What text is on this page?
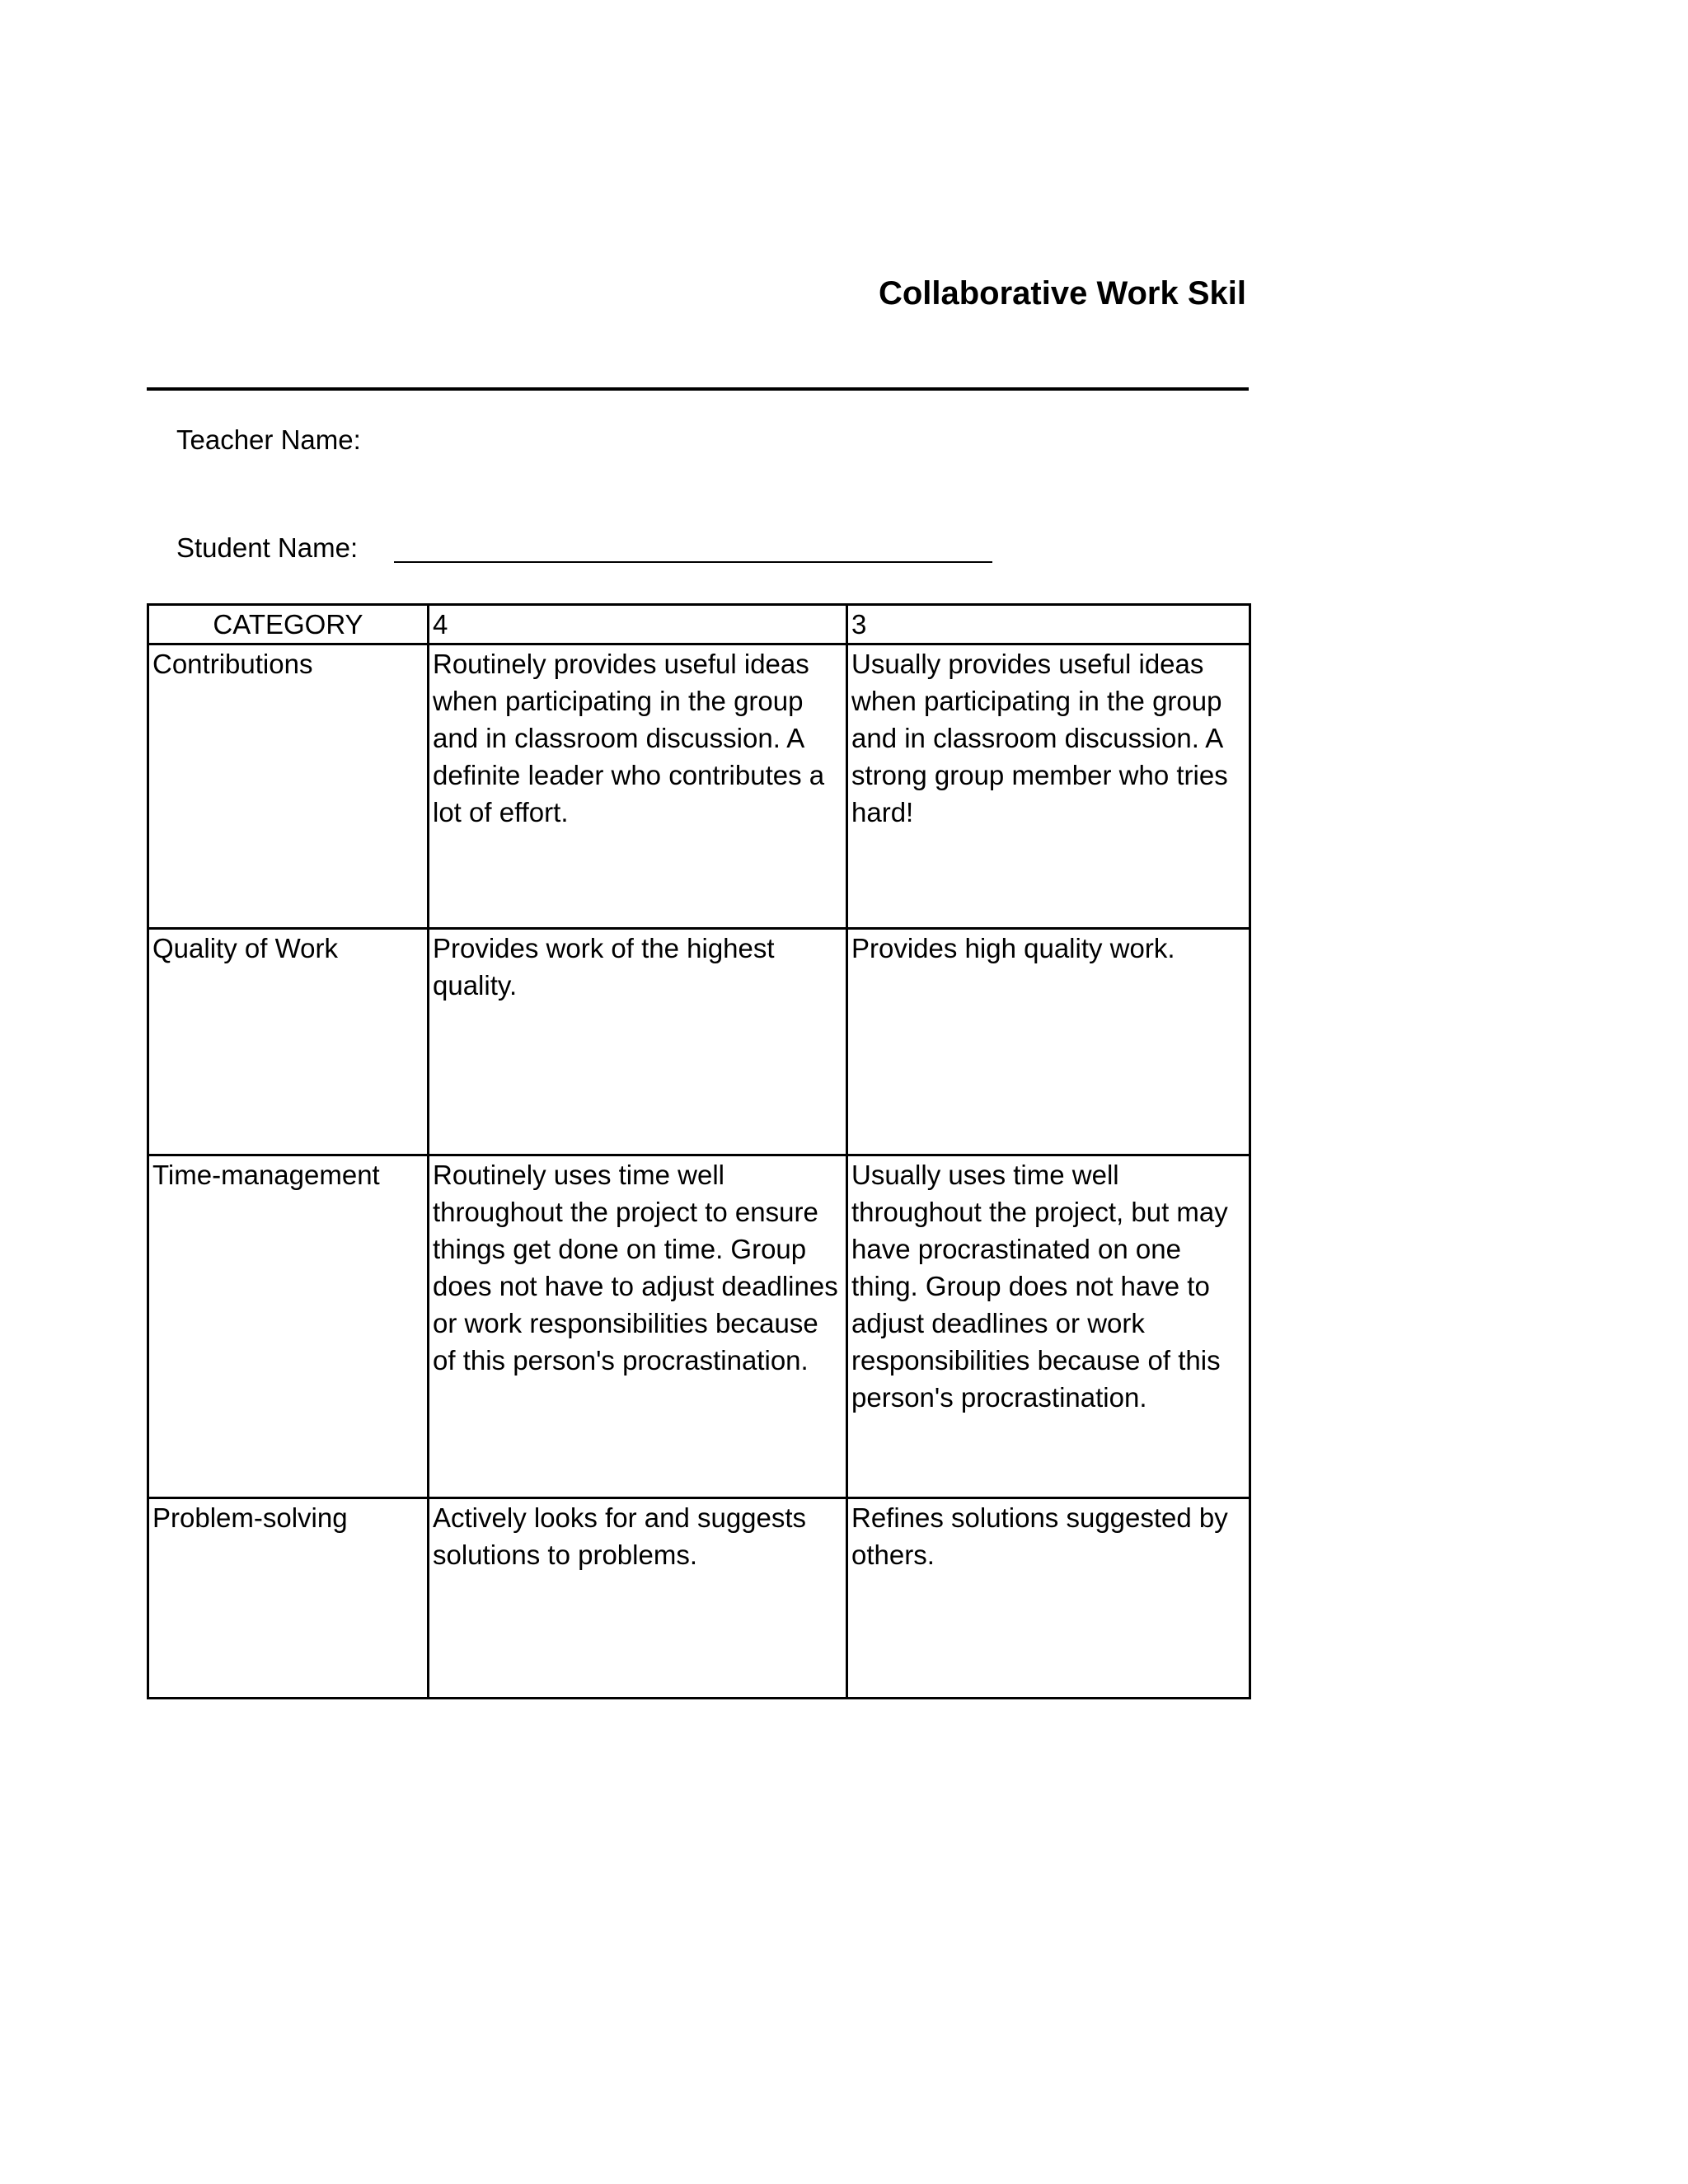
Collaborative Work Skil
Teacher Name:
Student Name:
CATEGORY	4	3
Contributions	Routinely provides useful ideas when participating in the group and in classroom discussion. A definite leader who contributes a lot of effort.	Usually provides useful ideas when participating in the group and in classroom discussion. A strong group member who tries hard!
Quality of Work	Provides work of the highest quality.	Provides high quality work.
Time-management	Routinely uses time well throughout the project to ensure things get done on time. Group does not have to adjust deadlines or work responsibilities because of this person's procrastination.	Usually uses time well throughout the project, but may have procrastinated on one thing. Group does not have to adjust deadlines or work responsibilities because of this person's procrastination.
Problem-solving	Actively looks for and suggests solutions to problems.	Refines solutions suggested by others.
